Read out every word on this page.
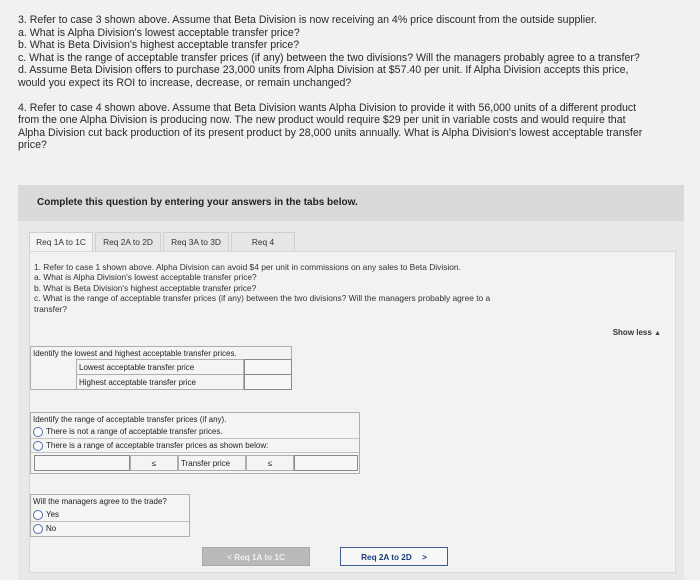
3. Refer to case 3 shown above. Assume that Beta Division is now receiving an 4% price discount from the outside supplier.

a. What is Alpha Division's lowest acceptable transfer price?

b. What is Beta Division's highest acceptable transfer price?

c. What is the range of acceptable transfer prices (if any) between the two divisions? Will the managers probably agree to a transfer?

d. Assume Beta Division offers to purchase 23,000 units from Alpha Division at $57.40 per unit. If Alpha Division accepts this price,

would you expect its ROI to increase, decrease, or remain unchanged?

4. Refer to case 4 shown above. Assume that Beta Division wants Alpha Division to provide it with 56,000 units of a different product

from the one Alpha Division is producing now. The new product would require $29 per unit in variable costs and would require that

Alpha Division cut back production of its present product by 28,000 units annually. What is Alpha Division's lowest acceptable transfer

price?

Complete this question by entering your answers in the tabs below.
Req 1A to 1C	Req 2A to 2D	Req 3A to 3D	Req 4

1. Refer to case 1 shown above. Alpha Division can avoid $4 per unit in commissions on any sales to Beta Division.

a. What is Alpha Division's lowest acceptable transfer price?

b. What is Beta Division's highest acceptable transfer price?

c. What is the range of acceptable transfer prices (if any) between the two divisions? Will the managers probably agree to a

transfer?

Show less ▲
Identify the lowest and highest acceptable transfer prices.
Lowest acceptable transfer price
Highest acceptable transfer price
Identify the range of acceptable transfer prices (if any).
There is not a range of acceptable transfer prices.
There is a range of acceptable transfer prices as shown below:
≤	Transfer price	≤
Will the managers agree to the trade?
Yes
No
< Req 1A to 1C	Req 2A to 2D >
